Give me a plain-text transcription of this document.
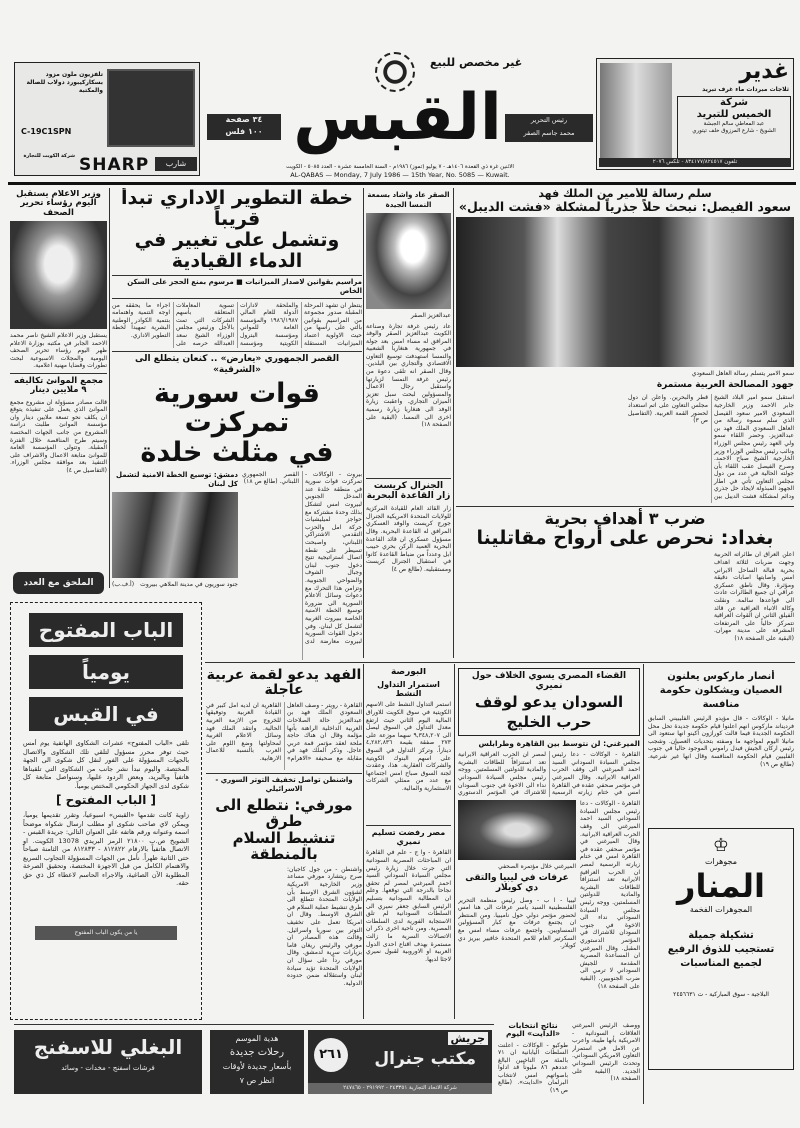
تلفزيون ملون مزود بسكاركيبورد دولاب للصالة والمكتبة
C-19C1SPN
شركة الكويت للتجارة SHARP	شارب
٣٤ صفحة
١٠٠ فلس
غير مخصص للبيع
القبس	رئيس التحرير
محمد جاسم الصقر
غدير
ثلاجات مبردات ماء غرف تبريد
شركة
الخميس للتبريد
عبد المعاطي سالم الجبشة
الشويخ - شارع المرزوق خلف تيتوري
تلفون ٨٣٤١٧٧/٨٢٤٥١٧ - تلكس ٢٠٧٦
الاثنين غرة ذي القعدة ١٤٠٦هـ - ٧ يوليو (تموز) ١٩٨٦م - السنة الخامسة عشرة - العدد ٥٠٨٥ - الكويت
AL-QABAS — Monday, 7 July 1986 — 15th Year, No. 5085 — Kuwait.
وزير الاعلام يستقبل اليوم رؤساء تحرير الصحف
يستقبل وزير الاعلام الشيخ ناصر محمد الاحمد الجابر في مكتبه بوزارة الاعلام ظهر اليوم رؤساء تحرير الصحف اليومية والمجلات الاسبوعية لبحث تطورات وقضايا مهنية اعلامية.
مجمع الموانئ تكاليفه ٩ ملايين دينار
قالت مصادر مسؤولة ان مشروع مجمع الموانئ الذي يعمل على تنفيذه يتوقع ان يكلف نحو تسعة ملايين دينار وان مؤسسة الموانئ طلبت دراسة المشروع من جانب الجهات المختصة وسيتم طرح المناقصة خلال الفترة المقبلة. وتتولى المؤسسة العامة للموانئ متابعة الاعمال والاشراف على التنفيذ بعد موافقة مجلس الوزراء. (التفاصيل ص ٤)
الملحق مع العدد
الباب المفتوح
يومياً
في القبس
تلقى «الباب المفتوح» عشرات الشكاوى الهاتفية يوم أمس حيث توفر محرر مسؤول لتلقي تلك الشكاوى والاتصال بالجهات المسؤولة على الفور لنقل كل شكوى الى الجهة المختصة. واليوم نبدأ نشر جانب من الشكاوى التي تلقيناها هاتفياً وبالبريد، وبعض الردود عليها، وسنواصل متابعة كل شكوى لدى الجهاز الحكومي المختص يومياً.
[ الباب المفتوح ]
زاوية كانت تقدمها «القبس» اسبوعياً، وتقرر تقديمها يومياً، ويمكن لاي صاحب شكوى او مطلب ارسال شكواه موضحاً اسمه وعنوانه ورقم هاتفه على العنوان التالي: جريدة القبس - الشويخ ص.ب ٢١٨٠٠ الرمز البريدي 13078 الكويت. او الاتصال هاتفياً بالارقام ٨١٢٨٢٢ - ٨١٢٨٣٣ من الثامنة صباحاً حتى الثانية ظهراً. نأمل من الجهات المسؤولة التجاوب السريع والاهتمام الكامل من قبل الاجهزة المختصة، وتحقيق الصرخة المطلوبة الآن الصاغية، والاجراء الحاسم لاعطاء كل ذي حق حقه.
يا من يكون الباب المفتوح
خطة التطوير الاداري تبدأ قريباً
وتشمل على تغيير في الدماء القيادية
مراسيم بقوانين لاصدار الميزانيات ■ مرسوم بمنع الحجز على السكن الخاص
ينتظر ان تشهد المرحلة المقبلة صدور مجموعة من المراسيم بقوانين بالتي على رأسها من حيث الاولوية اعتماد الميزانيات المستقلة والملحقة لادارات الدولة للعام المالي ١٩٨٦/١٩٨٧ والمؤسسة العامة للمواني ومؤسسة البترول الكويتية ومؤسسة تسوية المعاملات المتعلقة بأسهم الشركات التي تمت بالأجل ورئيس مجلس الوزراء الشيخ سعد العبدالله حرصه على اجراء ما يحققه من اوجه التنمية واهتمامه بتنمية الكوادر الوطنية البشرية تمهيداً لخطة التطوير الاداري.
القصر الجمهوري «يعارض» .. كنعان يتطلع الى «الشرقية»
قوات سورية تمركزت
في مثلث خلدة
بيروت - الوكالات - تمركزت قوات سورية في منطقة خلدة عند المدخل الجنوبي لبيروت امس لتشكل بذلك وحدة مشتركة مع حواجز لميليشيات حركة امل والحزب التقدمي الاشتراكي اللبناني، واصبحت تسيطر على نقطة اتصال استراتيجية تتيح دخول جنوب لبنان وجبال الشوف والضواحي الجنوبية. وتزامن هذا التحرك مع دعوات وسائل الاعلام السورية الى ضرورة توسيع الخطة الامنية الخاصة ببيروت الغربية لتشمل كل لبنان. وفي دخول القوات السورية لبيروت معارضة لدى القصر الجمهوري اللبناني. (طالع ص ١٨)
دمشق: توسيع الخطة الامنية لتشمل كل لبنان
جنود سوريون في مدينة الملاهي ببيروت
(أ.ف.ب)
الصقر عاد واشاد بسمعة النمسا الجيدة
عبدالعزيز الصقر
عاد رئيس غرفة تجارة وصناعة الكويت عبدالعزيز الصقر والوفد المرافق له مساء امس بعد جولة في جمهورية هنغاريا الشعبية والنمسا استهدفت توسيع التعاون الاقتصادي والتجاري بين البلدين. وقال الصقر انه تلقى دعوة من رئيس غرفة النمسا لزيارتها واستقبل رجال الاعمال والمسؤولين لبحث سبل تعزيز الميزان التجاري. واعقبت زيارة الوفد الى هنغاريا زيارة رسمية اخرى الى النمسا. (البقية على الصفحة ١٨)
الجنرال كريست زار القاعدة البحرية
زار القائد العام للقيادة المركزية للولايات المتحدة الامريكية الجنرال جورج كريست والوفد العسكري المرافق له القاعدة البحرية. وقال مسؤول عسكري ان قائد القاعدة البحرية العميد الركن بحري حبيب ابل وعدداً من ضباط القاعدة كانوا في استقبال الجنرال كريست ومستقبليه. (طالع ص ٤)
سلم رسالة للأمير من الملك فهد
سعود الفيصل: نبحث حلاً جذرياً لمشكلة «فشت الديبل»
سمو الامير يتسلم رسالة العاهل السعودي
جهود المصالحة العربية مستمرة
استقبل سمو امير البلاد الشيخ جابر الاحمد وزير الخارجية السعودي الامير سعود الفيصل الذي سلم سموه رسالة من العاهل السعودي الملك فهد بن عبدالعزيز. وحضر اللقاء سمو ولي العهد رئيس مجلس الوزراء ونائب رئيس مجلس الوزراء وزير الخارجية الشيخ صباح الاحمد. وصرح الفيصل عقب اللقاء بأن جولته الحالية في عدد من دول مجلس التعاون تأتي في اطار الجهود المبذولة لايجاد حل جذري ودائم لمشكلة فشت الديبل بين قطر والبحرين. واعلن ان دول مجلس التعاون على اتم استعداد لحضور القمة العربية. (التفاصيل ص ٣)
ضرب ٣ أهداف بحرية
بغداد: نحرص على أرواح مقاتلينا
اعلن العراق ان طائراته الحربية وجهت ضربات لثلاثة اهداف بحرية قبالة الساحل الايراني امس واصابتها اصابات دقيقة ومؤثرة. وقال ناطق عسكري عراقي ان جميع الطائرات عادت الى قواعدها سالمة. ونقلت وكالة الانباء العراقية عن قائد الفيلق الثاني ان القوات العراقية تتمركز حالياً على المرتفعات المشرفة على مدينة مهران. (البقية على الصفحة ١٨)
الفهد يدعو لقمة عربية عاجلة
القاهرة - رويتر - وصف العاهل السعودي الملك فهد بن عبدالعزيز حالة الصلاحات العربية الداخلية الراهنة بأنها مؤلمة وقال ان هناك حاجة ملحة لعقد مؤتمر قمة عربي عاجل. وذكر الملك فهد في مقابلة مع صحيفة «الاهرام» القاهرية ان لديه امل كبير في القيادة العربية وتوفيقها للخروج من الازمة العربية الحالية. وانتقد الملك فهد وسائل الاعلام الغربية لمحاولتها وضع اللوم على العرب بالنسبة للاعمال الارهابية.
واشنطن تواصل تخفيف التوتر السوري - الاسرائيلي
مورفي: نتطلع الى طرق
تنشيط السلام بالمنطقة
واشنطن - من جول كاجيان: صرح ريتشارد مورفي مساعد وزير الخارجية الامريكية لشؤون الشرق الاوسط بأن الولايات المتحدة تتطلع الى طرق تنشيط عملية السلام في الشرق الاوسط. وقال ان امريكا تعمل على تخفيف التوتر بين سوريا واسرائيل. وقالت هذه المصادر ان مورفي والرئيس ريغان قاما بزيارات سرية لدمشق. وقال مورفي رداً على سؤال ان الولايات المتحدة تؤيد سيادة لبنان واستقلاله ضمن حدوده الدولية.
البورصة
استمرار التداول النشط
استمر التداول النشط على الاسهم الكويتية في سوق الكويت للاوراق المالية اليوم الثاني حيث ارتفع معدل التداول في السوق ليصل الى ٩,٣٤٨,٢٠٧ سهما موزعة على ٢٧٣ صفقة بقيمة ٤,٢٨٢,٨٣٦ ديناراً. وتركز التداول في السوق على اسهم البنوك الكويتية والشركات العقارية. هذا، وعقدت لجنة السوق صباح امس اجتماعها مع عدد من ممثلي الشركات الاستثمارية والمالية.
مصر رفضت تسليم نميري
القاهرة - وا ج - علم في القاهرة ان المباحثات المصرية السودانية التي جرت خلال زيارة رئيس مجلس السيادة السوداني السيد احمد الميرغني لمصر لم تحقق نجاحاً بالدرجة التي توقعها. وعلم ان المطالبة السودانية بتسليم الرئيس السابق جعفر نميري الى السلطات السودانية لم تلق الاستجابة الفورية لدى السلطات المصرية. ومن ناحية اخرى ذكر ان الاتصالات السرية ما زالت مستمرة بهدف اقناع احدى الدول العربية او الاوروبية لقبول نميري لاجئا لديها.
القضاء المصري يسوي الخلاف حول نميري
السودان يدعو لوقف حرب الخليج
الميرغني: لن نتوسط بين القاهرة وطرابلس
القاهرة - الوكالات - دعا رئيس مجلس السيادة السوداني السيد احمد الميرغني الى وقف الحرب العراقية الايرانية. وقال الميرغني في مؤتمر صحفي عقده في القاهرة امس في ختام زيارته الرسمية لمصر ان الحرب العراقية الايرانية تعد استنزافاً للطاقات البشرية والمادية للدولتين المسلمتين. ووجه رئيس مجلس السيادة السوداني نداء الى الاخوة في جنوب السودان للاشتراك في المؤتمر الدستوري
الميرغني خلال مؤتمره الصحفي
عرفات في ليبيا والتقى دي كويلار
ليبيا - ا ب - وصل رئيس منظمة التحرير الفلسطينية السيد ياسر عرفات الى هنا امس لحضور مؤتمر دولي حول ناميبيا. ومن المنتظر ان يجتمع عرفات مع كبار المسؤولين النمساويين. واجتمع عرفات مساء امس مع السكرتير العام للامم المتحدة خافيير بيريز دي كويلار.
القاهرة - الوكالات - دعا رئيس مجلس السيادة السوداني السيد احمد الميرغني الى وقف الحرب العراقية الايرانية. وقال الميرغني في مؤتمر صحفي عقده في القاهرة امس في ختام زيارته الرسمية لمصر ان الحرب العراقية الايرانية تعد استنزافاً للطاقات البشرية والمادية للدولتين المسلمتين. ووجه رئيس مجلس السيادة السوداني نداء الى الاخوة في جنوب السودان للاشتراك في المؤتمر الدستوري المقبل. وقال الميرغني ان المساعدة المصرية المقدمة للجيش السوداني لا ترمي الى ضرب الجنوبيين. (البقية على الصفحة ١٨)
أنصار ماركوس يعلنون العصيان ويشكلون حكومة منافسة
مانيلا - الوكالات - قال مؤيدو الرئيس الفليبيني السابق فرديناند ماركوس انهم اعلنوا قيام حكومة جديدة تحل محل الحكومة الجديدة فيما قالت كورازون اكينو انها ستعود الى مانيلا اليوم لمواجهة ما وصفته بتحديات العصيان. وشجب رئيس اركان الجيش فيدل راموس الموجود حالياً في جنوب الفليبين قيام الحكومة المنافسة وقال انها غير شرعية. (طالع ص ١٩)
♔
مجوهرات
المنار
المجوهرات الفخمة
تشكيلة جميلة تستجيب للذوق الرفيع لجميع المناسبات
البلاجية - سوق المباركية - ت ٢٤٥٦٦٣١
البغلي للاسفنج
فرشات اسفنج - مخدات - وسائد
هدية الموسم
رحلات جديدة
بأسعار جديدة لأوقات
انظر ص ٧
جريش
مكتب جنرال
٢٦١
شركة الاتحاد التجارية ٢٤٣٣٥١ - ٢٩١٩٩٢ - ٢٤٧٤٦٥
نتائج انتخابات «الدايت» اليوم
طوكيو - الوكالات - اعلنت السلطات اليابانية ان ٧١ بالمئة من الناخبين البالغ عددهم ٨٦ مليوناً قد ادلوا باصواتهم امس لانتخاب البرلمان «الدايت». (طالع ص ١٩)
ووصف الرئيس الميرغني العلاقات السودانية - الامريكية بأنها طيبة، واعرب عن الامل في استمرار التعاون الامريكي السوداني. وتحدث الرئيس السوداني الجديد. (البقية على الصفحة ١٨)
